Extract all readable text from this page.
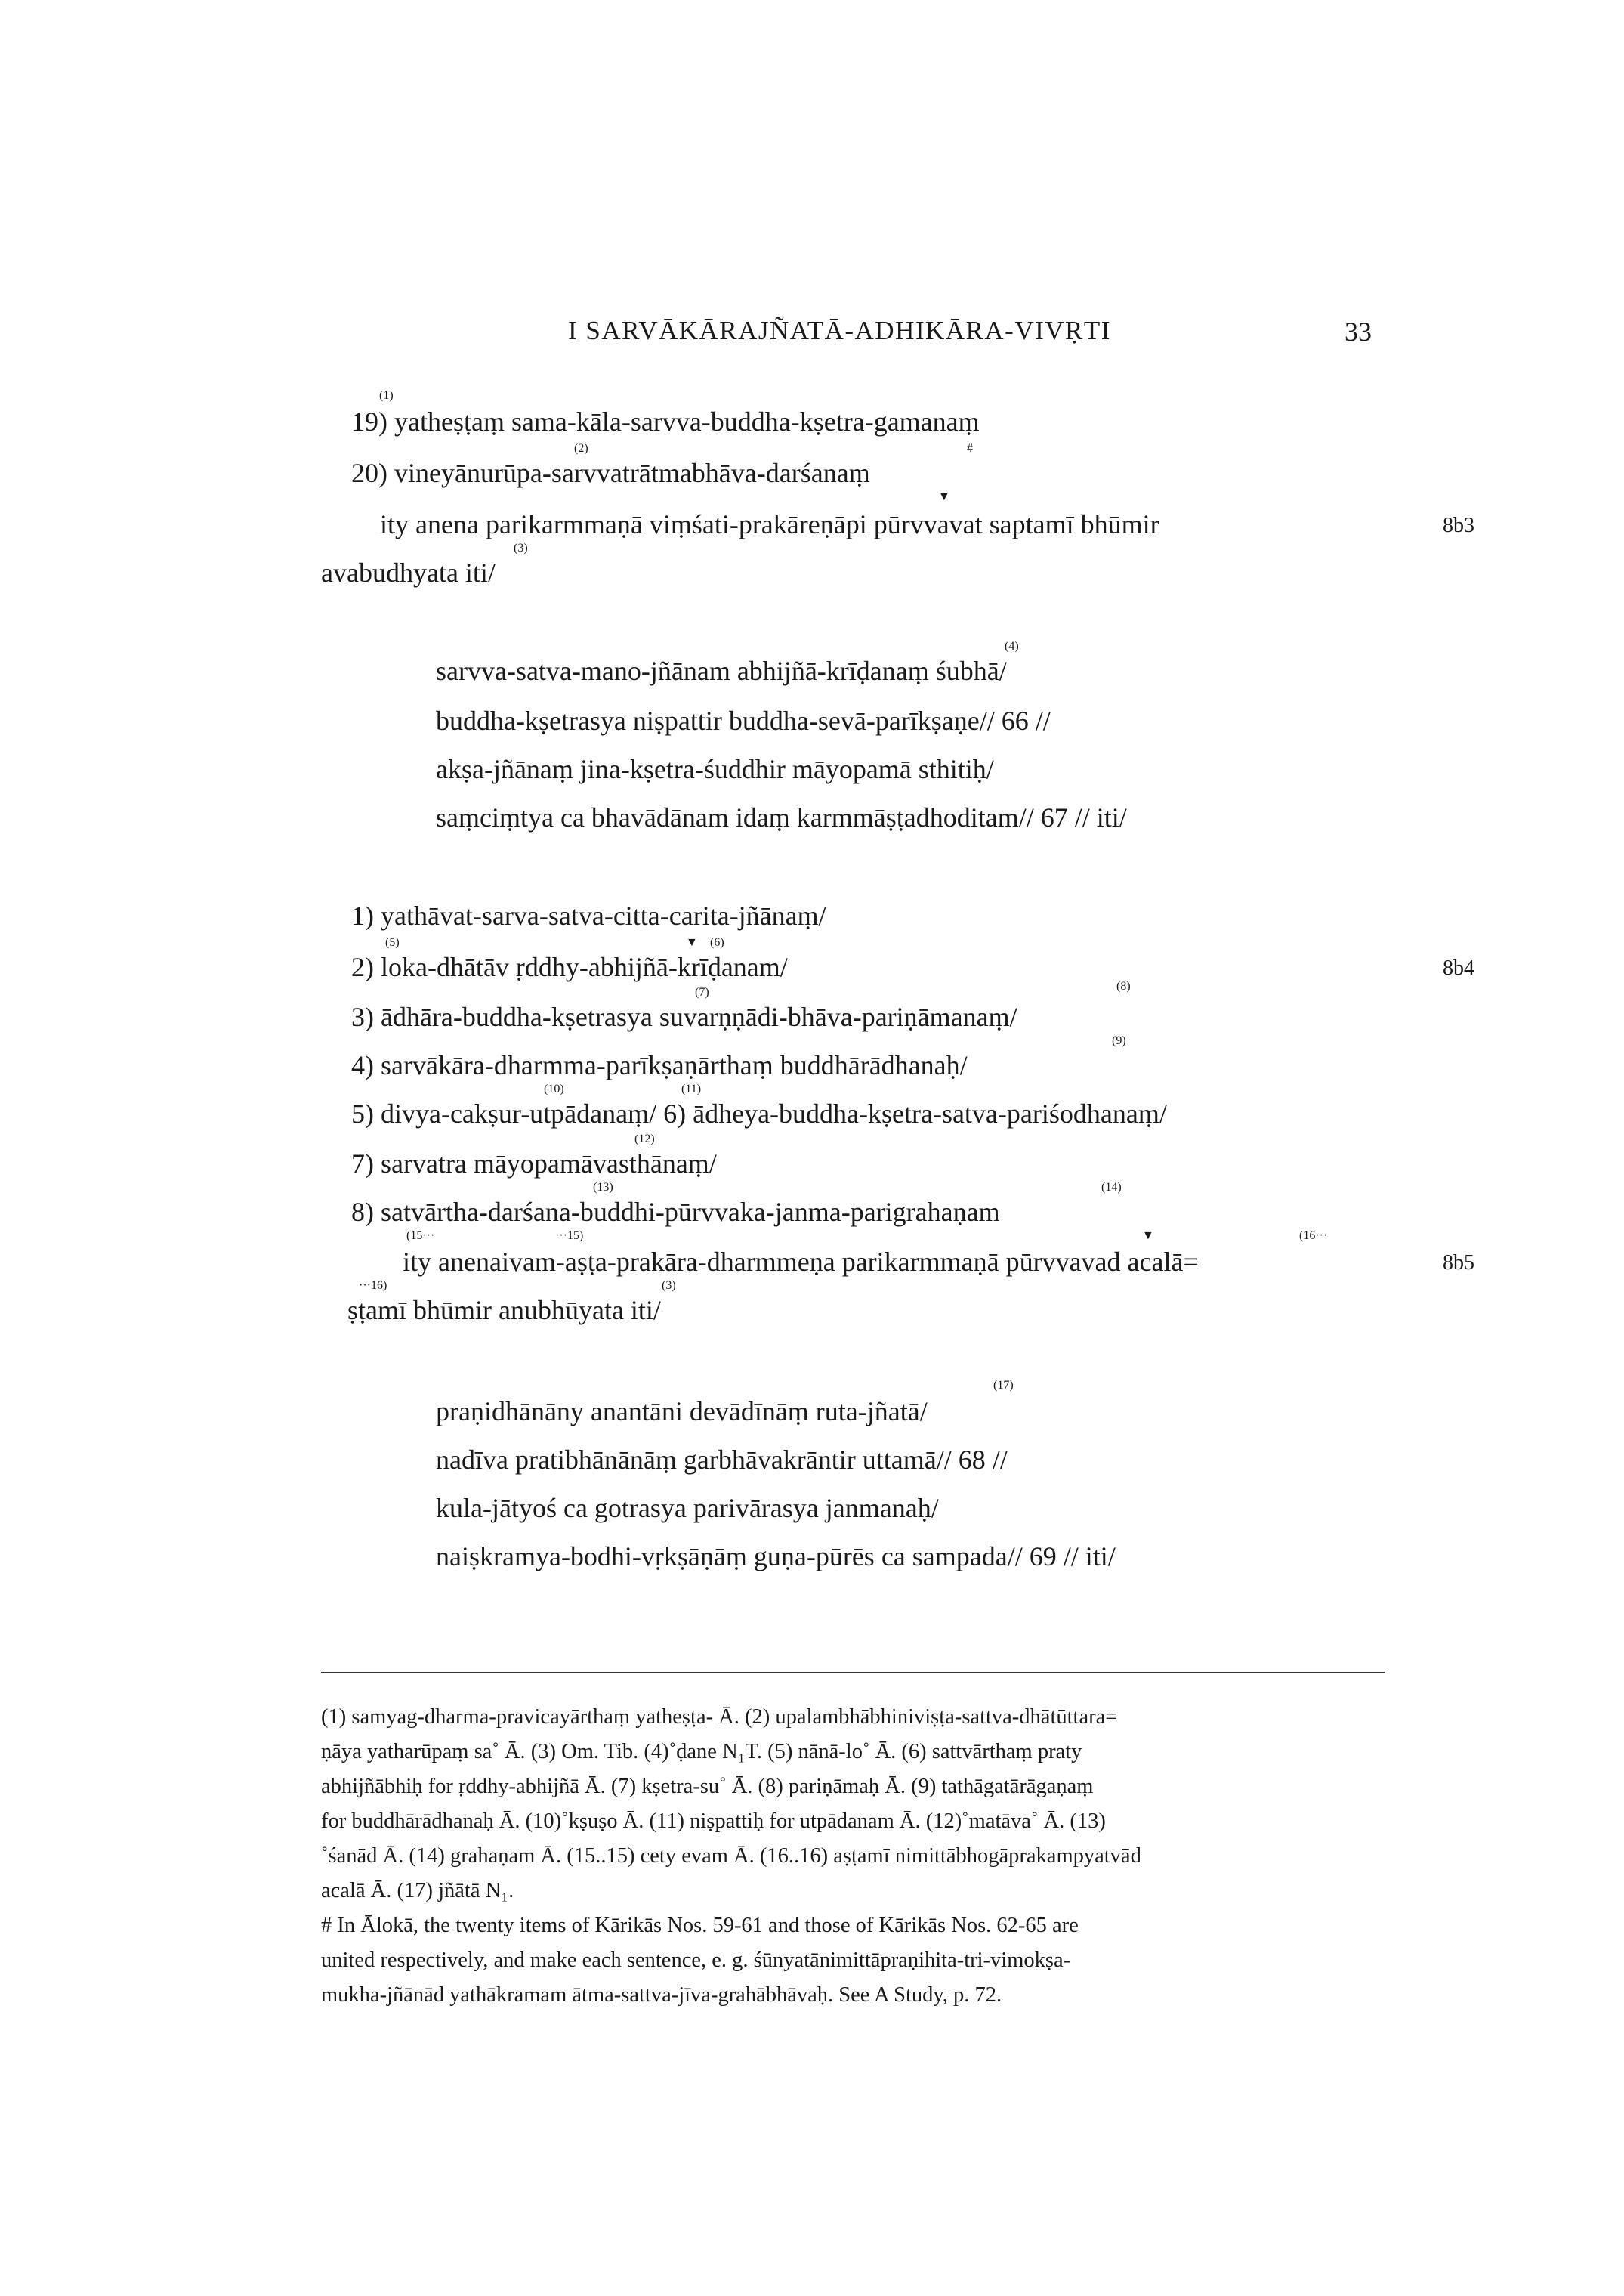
I SARVĀKĀRAJÑATĀ-ADHIKĀRA-VIVṚTI	33
(1)
19) yatheṣṭaṃ sama-kāla-sarvva-buddha-kṣetra-gamanaṃ
(2)	#
20) vineyānurūpa-sarvvatrātmabhāva-darśanaṃ
▼
ity anena parikarmmaṇā viṃśati-prakāreṇāpi pūrvvavat saptamī bhūmir	8b3
(3)
avabudhyata iti/
(4)
sarvva-satva-mano-jñānam abhijñā-krīḍanaṃ śubhā/
buddha-kṣetrasya niṣpattir buddha-sevā-parīkṣaṇe// 66 //
akṣa-jñānaṃ jina-kṣetra-śuddhir māyopamā sthitiḥ/
saṃciṃtya ca bhavādānam idaṃ karmmāṣṭadhoditam// 67 // iti/
1) yathāvat-sarva-satva-citta-carita-jñānaṃ/
(5)	▼ (6)
2) loka-dhātāv ṛddhy-abhijñā-krīḍanam/	8b4
(7)	(8)
3) ādhāra-buddha-kṣetrasya suvarṇṇādi-bhāva-pariṇāmanaṃ/
(9)
4) sarvākāra-dharmma-parīkṣaṇārthaṃ buddhārādhanaḥ/
(10)	(11)
5) divya-cakṣur-utpādanaṃ/ 6) ādheya-buddha-kṣetra-satva-pariśodhanaṃ/
(12)
7) sarvatra māyopamāvasthānaṃ/
(13)	(14)
8) satvārtha-darśana-buddhi-pūrvvaka-janma-parigrahaṇam
(15···	···15)	▼	(16···
ity anenaivam-aṣṭa-prakāra-dharmmeṇa parikarmmaṇā pūrvvavad acalā=	8b5
···16)	(3)
ṣṭamī bhūmir anubhūyata iti/
(17)
praṇidhānāny anantāni devādīnāṃ ruta-jñatā/
nadīva pratibhānānāṃ garbhāvakrāntir uttamā// 68 //
kula-jātyoś ca gotrasya parivārasya janmanaḥ/
naiṣkramya-bodhi-vṛkṣāṇāṃ guṇa-pūrēs ca sampada// 69 // iti/
(1) samyag-dharma-pravicayārthaṃ yatheṣṭa- Ā. (2) upalambhābhiniviṣṭa-sattva-dhātūttara=
ṇāya yatharūpaṃ sa˚ Ā. (3) Om. Tib. (4)˚ḍane N₁T. (5) nānā-lo˚ Ā. (6) sattvārthaṃ praty
abhijñābhiḥ for ṛddhy-abhijñā Ā. (7) kṣetra-su˚ Ā. (8) pariṇāmaḥ Ā. (9) tathāgatārāgaṇaṃ
for buddhārādhanaḥ Ā. (10)˚kṣuṣo Ā. (11) niṣpattiḥ for utpādanam Ā. (12)˚matāva˚ Ā. (13)
˚śanād Ā. (14) grahaṇam Ā. (15..15) cety evam Ā. (16..16) aṣṭamī nimittābhogāprakampyatvād
acalā Ā. (17) jñātā N₁.
# In Ālokā, the twenty items of Kārikās Nos. 59-61 and those of Kārikās Nos. 62-65 are
united respectively, and make each sentence, e. g. śūnyatānimittāpraṇihita-tri-vimokṣa-
mukha-jñānād yathākramam ātma-sattva-jīva-grahābhāvaḥ. See A Study, p. 72.
